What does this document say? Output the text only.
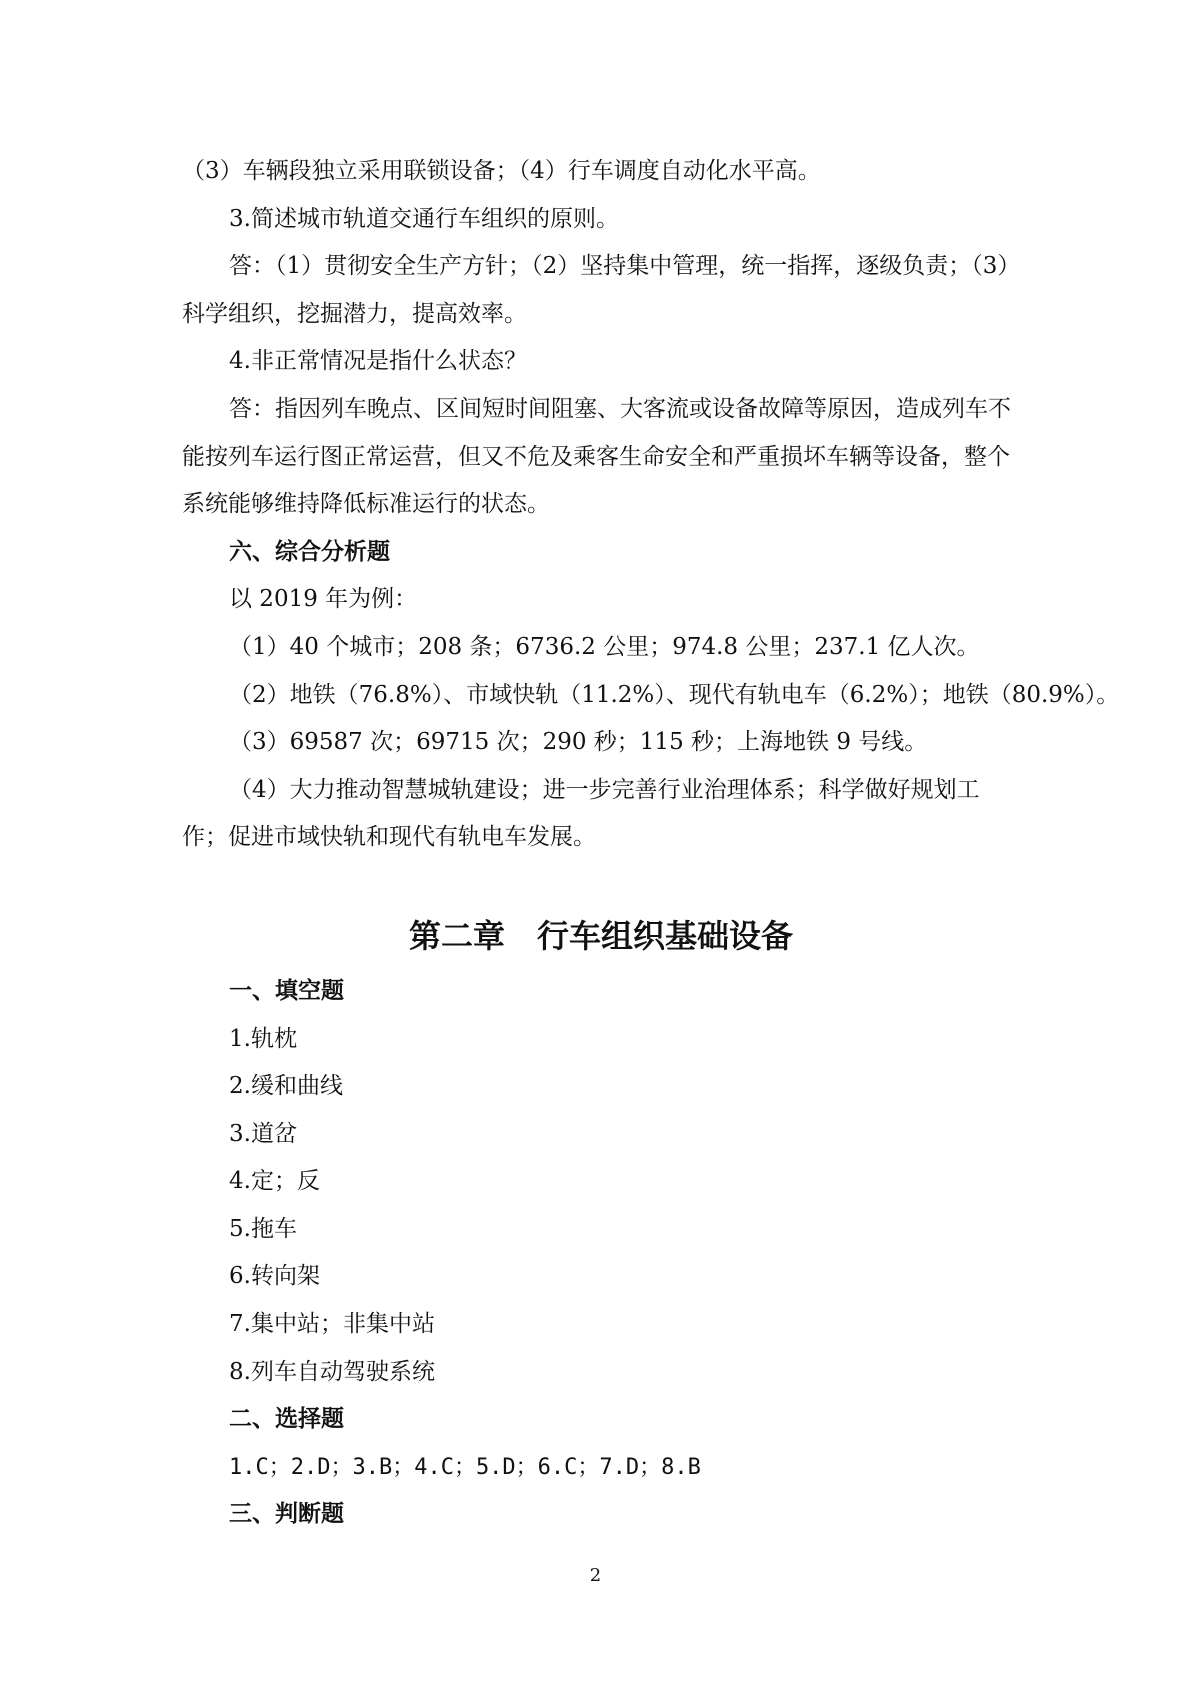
（3）车辆段独立采用联锁设备；（4）行车调度自动化水平高。

3.简述城市轨道交通行车组织的原则。

答：（1）贯彻安全生产方针；（2）坚持集中管理，统一指挥，逐级负责；（3）科学组织，挖掘潜力，提高效率。

4.非正常情况是指什么状态？

答：指因列车晚点、区间短时间阻塞、大客流或设备故障等原因，造成列车不能按列车运行图正常运营，但又不危及乘客生命安全和严重损坏车辆等设备，整个系统能够维持降低标准运行的状态。

六、综合分析题

以 2019 年为例：

（1）40 个城市；208 条；6736.2 公里；974.8 公里；237.1 亿人次。

（2）地铁（76.8%）、市域快轨（11.2%）、现代有轨电车（6.2%）；地铁（80.9%）。

（3）69587 次；69715 次；290 秒；115 秒；上海地铁 9 号线。

（4）大力推动智慧城轨建设；进一步完善行业治理体系；科学做好规划工作；促进市域快轨和现代有轨电车发展。

第二章　行车组织基础设备

一、填空题

1.轨枕

2.缓和曲线

3.道岔

4.定；反

5.拖车

6.转向架

7.集中站；非集中站

8.列车自动驾驶系统

二、选择题

1.C；2.D；3.B；4.C；5.D；6.C；7.D；8.B

三、判断题

2
